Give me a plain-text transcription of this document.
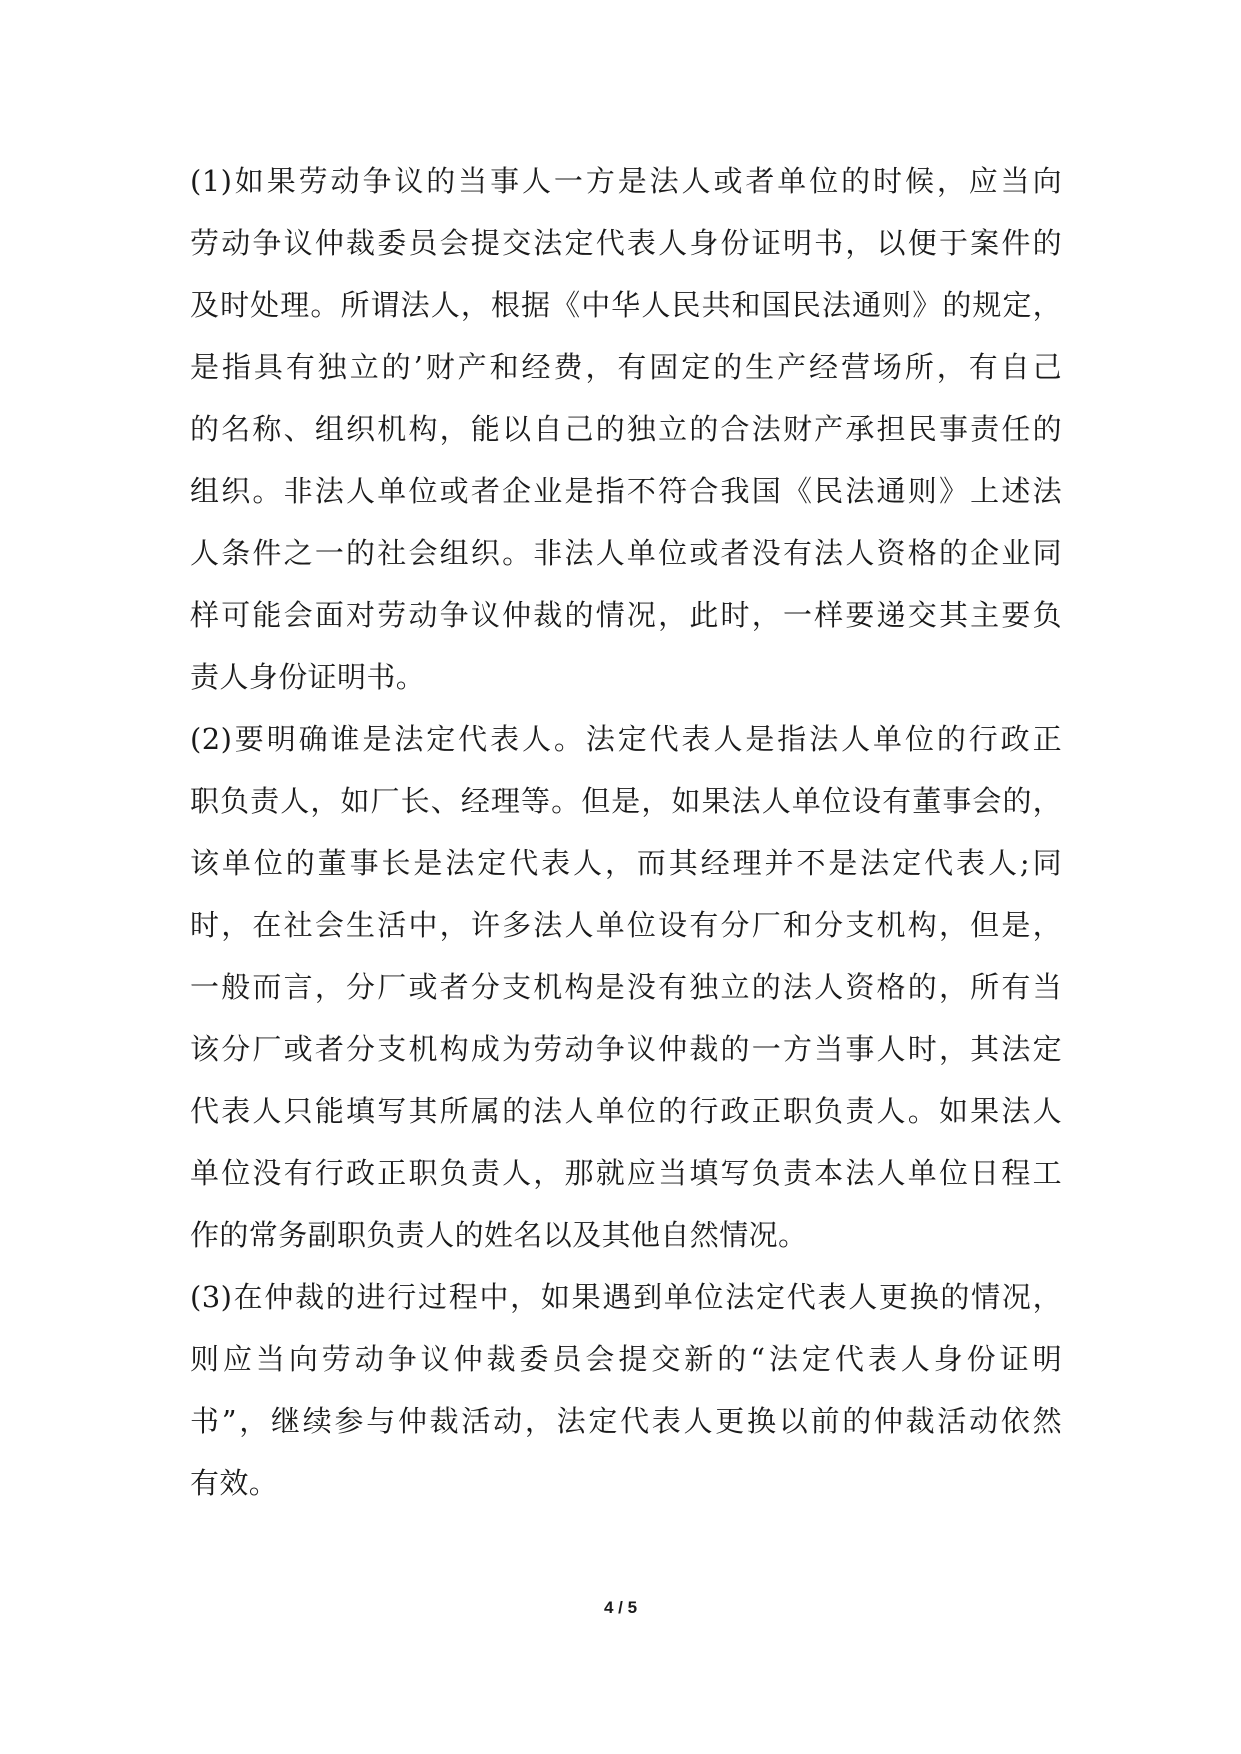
(1)如果劳动争议的当事人一方是法人或者单位的时候，应当向
劳动争议仲裁委员会提交法定代表人身份证明书，以便于案件的
及时处理。所谓法人，根据《中华人民共和国民法通则》的规定，
是指具有独立的’财产和经费，有固定的生产经营场所，有自己
的名称、组织机构，能以自己的独立的合法财产承担民事责任的
组织。非法人单位或者企业是指不符合我国《民法通则》上述法
人条件之一的社会组织。非法人单位或者没有法人资格的企业同
样可能会面对劳动争议仲裁的情况，此时，一样要递交其主要负
责人身份证明书。
(2)要明确谁是法定代表人。法定代表人是指法人单位的行政正
职负责人，如厂长、经理等。但是，如果法人单位设有董事会的，
该单位的董事长是法定代表人，而其经理并不是法定代表人;同
时，在社会生活中，许多法人单位设有分厂和分支机构，但是，
一般而言，分厂或者分支机构是没有独立的法人资格的，所有当
该分厂或者分支机构成为劳动争议仲裁的一方当事人时，其法定
代表人只能填写其所属的法人单位的行政正职负责人。如果法人
单位没有行政正职负责人，那就应当填写负责本法人单位日程工
作的常务副职负责人的姓名以及其他自然情况。
(3)在仲裁的进行过程中，如果遇到单位法定代表人更换的情况，
则应当向劳动争议仲裁委员会提交新的“法定代表人身份证明
书”，继续参与仲裁活动，法定代表人更换以前的仲裁活动依然
有效。
4 / 5
